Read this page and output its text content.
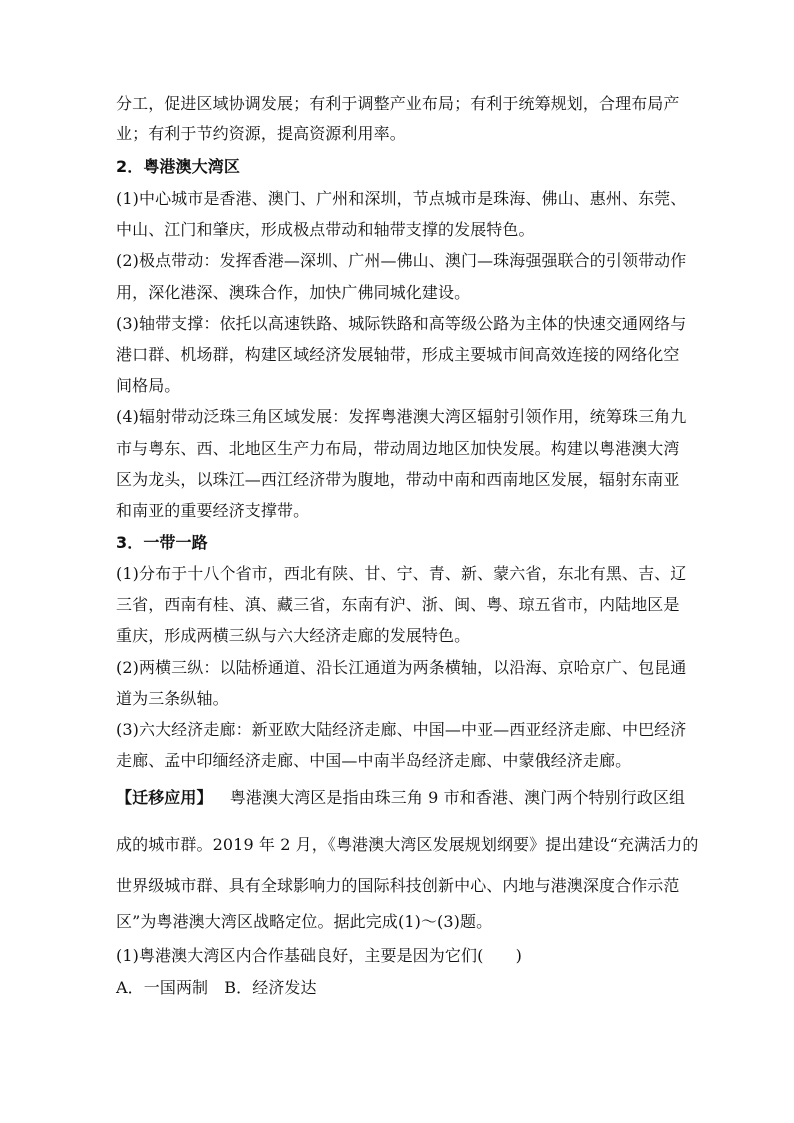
分工，促进区域协调发展；有利于调整产业布局；有利于统筹规划，合理布局产
业；有利于节约资源，提高资源利用率。
2．粤港澳大湾区
(1)中心城市是香港、澳门、广州和深圳，节点城市是珠海、佛山、惠州、东莞、
中山、江门和肇庆，形成极点带动和轴带支撑的发展特色。
(2)极点带动：发挥香港—深圳、广州—佛山、澳门—珠海强强联合的引领带动作
用，深化港深、澳珠合作，加快广佛同城化建设。
(3)轴带支撑：依托以高速铁路、城际铁路和高等级公路为主体的快速交通网络与
港口群、机场群，构建区域经济发展轴带，形成主要城市间高效连接的网络化空
间格局。
(4)辐射带动泛珠三角区域发展：发挥粤港澳大湾区辐射引领作用，统筹珠三角九
市与粤东、西、北地区生产力布局，带动周边地区加快发展。构建以粤港澳大湾
区为龙头，以珠江—西江经济带为腹地，带动中南和西南地区发展，辐射东南亚
和南亚的重要经济支撑带。
3．一带一路
(1)分布于十八个省市，西北有陕、甘、宁、青、新、蒙六省，东北有黑、吉、辽
三省，西南有桂、滇、藏三省，东南有沪、浙、闽、粤、琼五省市，内陆地区是
重庆，形成两横三纵与六大经济走廊的发展特色。
(2)两横三纵：以陆桥通道、沿长江通道为两条横轴，以沿海、京哈京广、包昆通
道为三条纵轴。
(3)六大经济走廊：新亚欧大陆经济走廊、中国—中亚—西亚经济走廊、中巴经济
走廊、孟中印缅经济走廊、中国—中南半岛经济走廊、中蒙俄经济走廊。
【迁移应用】 粤港澳大湾区是指由珠三角 9 市和香港、澳门两个特别行政区组
成的城市群。2019 年 2 月，《粤港澳大湾区发展规划纲要》提出建设“充满活力的
世界级城市群、具有全球影响力的国际科技创新中心、内地与港澳深度合作示范
区”为粤港澳大湾区战略定位。据此完成(1)～(3)题。
(1)粤港澳大湾区内合作基础良好，主要是因为它们(　　)
A．一国两制　B．经济发达
